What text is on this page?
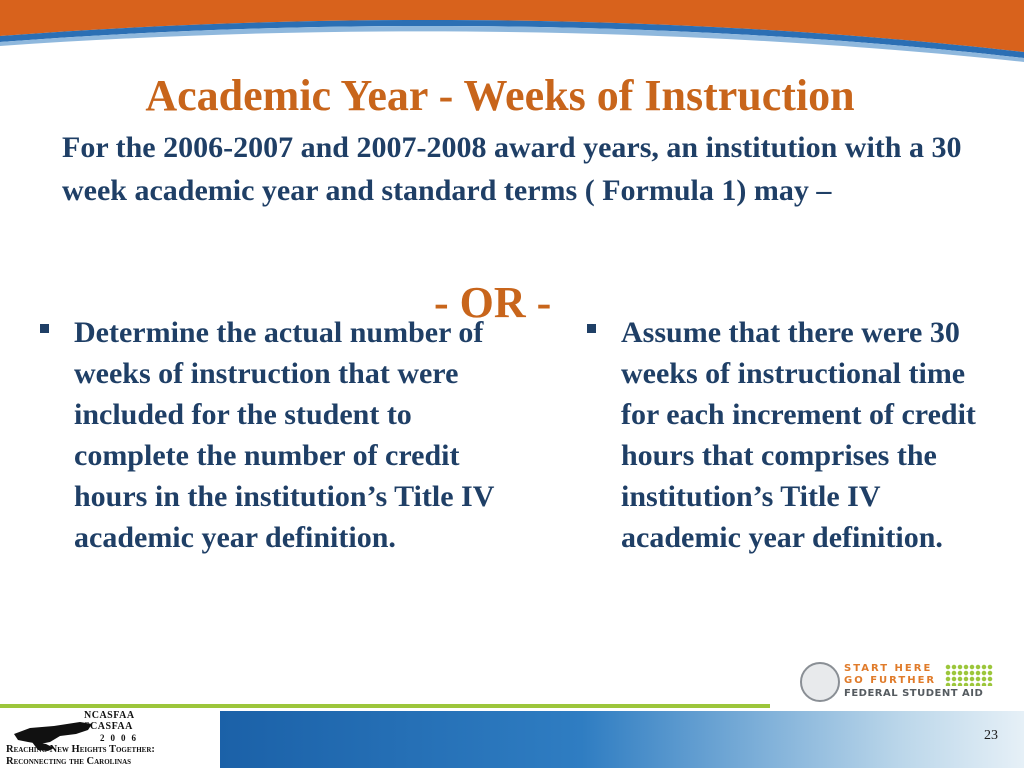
Academic Year - Weeks of Instruction
For the 2006-2007 and 2007-2008 award years, an institution with a 30 week academic year and standard terms ( Formula 1) may –
- OR -
Determine the actual number of weeks of instruction that were included for the student to complete the number of credit hours in the institution’s Title IV academic year definition.
Assume that there were 30 weeks of instructional time for each increment of credit hours that comprises the institution’s Title IV academic year definition.
START HERE
GO FURTHER
FEDERAL STUDENT AID
NCASFAA
SCASFAA
2006
Reaching New Heights Together:
Reconnecting the Carolinas
23
